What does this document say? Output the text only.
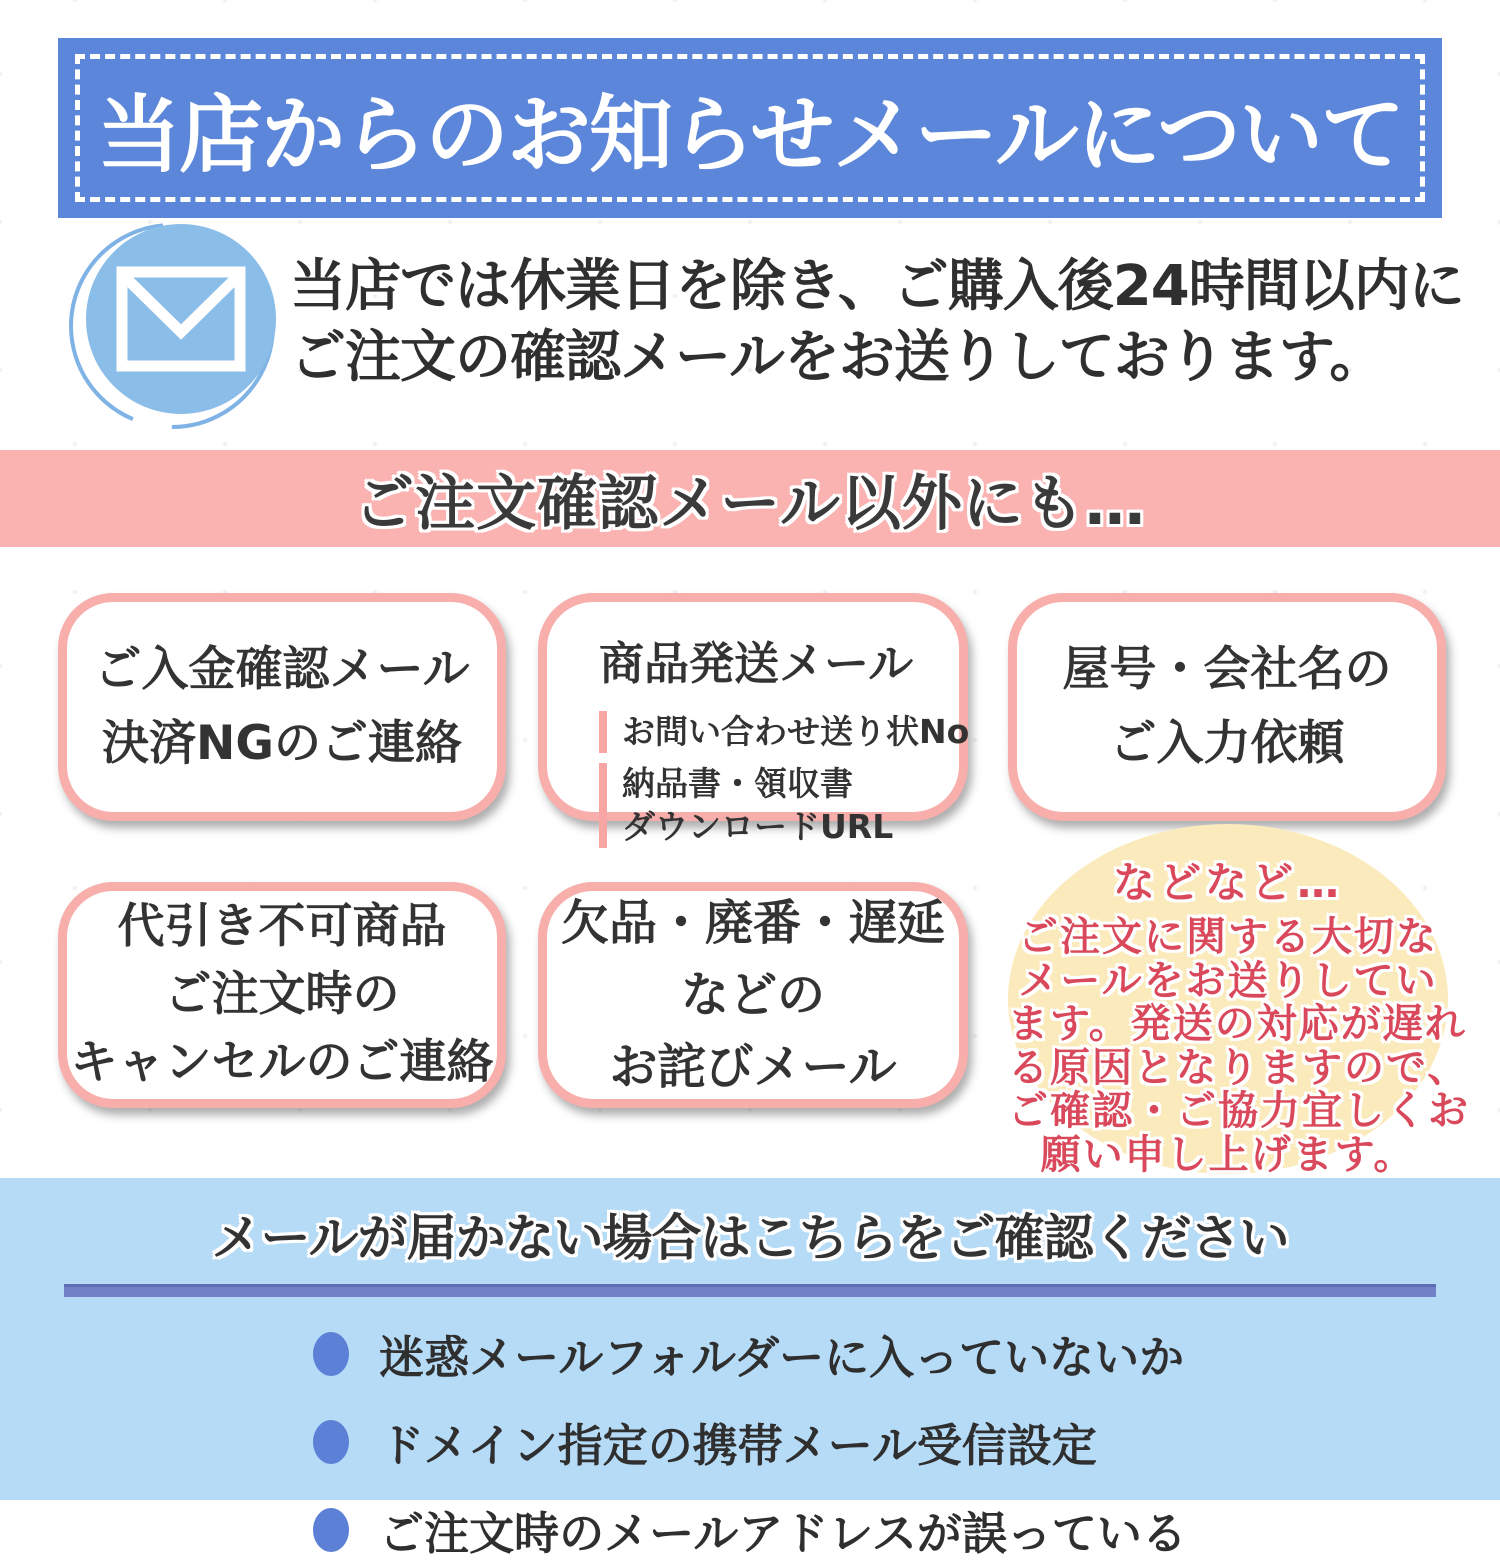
当店からのお知らせメールについて
当店では休業日を除き、ご購入後24時間以内に
ご注文の確認メールをお送りしております。
ご注文確認メール以外にも…
ご入金確認メール
決済NGのご連絡
商品発送メール
お問い合わせ送り状No
納品書・領収書
ダウンロードURL
屋号・会社名の
ご入力依頼
などなど…
ご注文に関する大切な
メールをお送りしてい
ます。発送の対応が遅れ
る原因となりますので、
ご確認・ご協力宜しくお
願い申し上げます。
代引き不可商品
ご注文時の
キャンセルのご連絡
欠品・廃番・遅延などの
お詫びメール
メールが届かない場合はこちらをご確認ください
迷惑メールフォルダーに入っていないか
ドメイン指定の携帯メール受信設定
ご注文時のメールアドレスが誤っている
